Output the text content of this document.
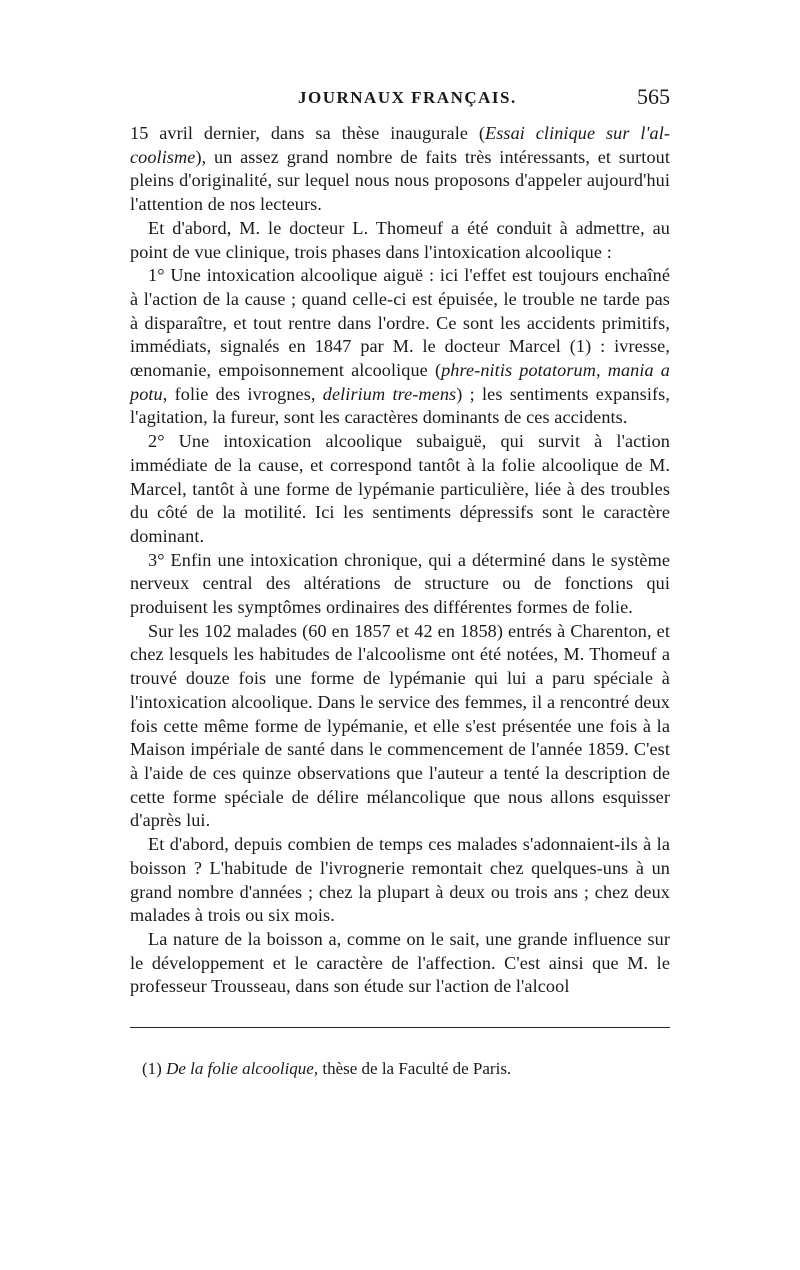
JOURNAUX FRANÇAIS.	565

15 avril dernier, dans sa thèse inaugurale (Essai clinique sur l'al-coolisme), un assez grand nombre de faits très intéressants, et surtout pleins d'originalité, sur lequel nous nous proposons d'appeler aujourd'hui l'attention de nos lecteurs.

Et d'abord, M. le docteur L. Thomeuf a été conduit à admettre, au point de vue clinique, trois phases dans l'intoxication alcoolique :

1° Une intoxication alcoolique aiguë : ici l'effet est toujours enchaîné à l'action de la cause ; quand celle-ci est épuisée, le trouble ne tarde pas à disparaître, et tout rentre dans l'ordre. Ce sont les accidents primitifs, immédiats, signalés en 1847 par M. le docteur Marcel (1) : ivresse, œnomanie, empoisonnement alcoolique (phre-nitis potatorum, mania a potu, folie des ivrognes, delirium tre-mens) ; les sentiments expansifs, l'agitation, la fureur, sont les caractères dominants de ces accidents.

2° Une intoxication alcoolique subaiguë, qui survit à l'action immédiate de la cause, et correspond tantôt à la folie alcoolique de M. Marcel, tantôt à une forme de lypémanie particulière, liée à des troubles du côté de la motilité. Ici les sentiments dépressifs sont le caractère dominant.

3° Enfin une intoxication chronique, qui a déterminé dans le système nerveux central des altérations de structure ou de fonctions qui produisent les symptômes ordinaires des différentes formes de folie.

Sur les 102 malades (60 en 1857 et 42 en 1858) entrés à Charenton, et chez lesquels les habitudes de l'alcoolisme ont été notées, M. Thomeuf a trouvé douze fois une forme de lypémanie qui lui a paru spéciale à l'intoxication alcoolique. Dans le service des femmes, il a rencontré deux fois cette même forme de lypémanie, et elle s'est présentée une fois à la Maison impériale de santé dans le commencement de l'année 1859. C'est à l'aide de ces quinze observations que l'auteur a tenté la description de cette forme spéciale de délire mélancolique que nous allons esquisser d'après lui.

Et d'abord, depuis combien de temps ces malades s'adonnaient-ils à la boisson ? L'habitude de l'ivrognerie remontait chez quelques-uns à un grand nombre d'années ; chez la plupart à deux ou trois ans ; chez deux malades à trois ou six mois.

La nature de la boisson a, comme on le sait, une grande influence sur le développement et le caractère de l'affection. C'est ainsi que M. le professeur Trousseau, dans son étude sur l'action de l'alcool

(1) De la folie alcoolique, thèse de la Faculté de Paris.
